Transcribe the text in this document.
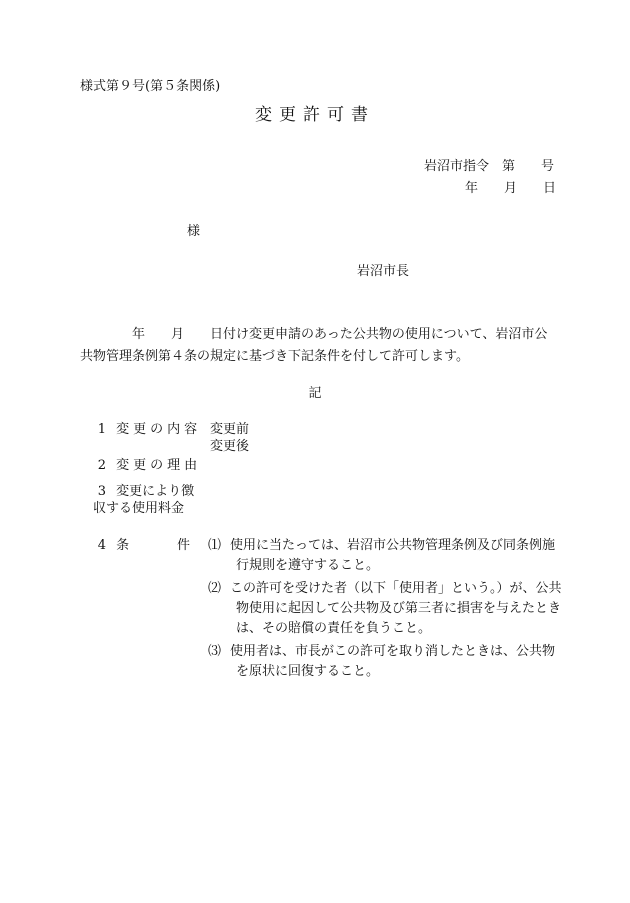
様式第９号(第５条関係)
変更許可書
岩沼市指令　第　　号
年　　月　　日
様
岩沼市長
年　　月　　日付け変更申請のあった公共物の使用について、岩沼市公共物管理条例第４条の規定に基づき下記条件を付して許可します。
記
1 変更の内容 変更前
変更後
2 変更の理由
3 変更により徴
収する使用料金
4 条	件 ⑴ 使用に当たっては、岩沼市公共物管理条例及び同条例施行規則を遵守すること。
⑵ この許可を受けた者（以下「使用者」という。）が、公共物使用に起因して公共物及び第三者に損害を与えたときは、その賠償の責任を負うこと。
⑶ 使用者は、市長がこの許可を取り消したときは、公共物を原状に回復すること。
